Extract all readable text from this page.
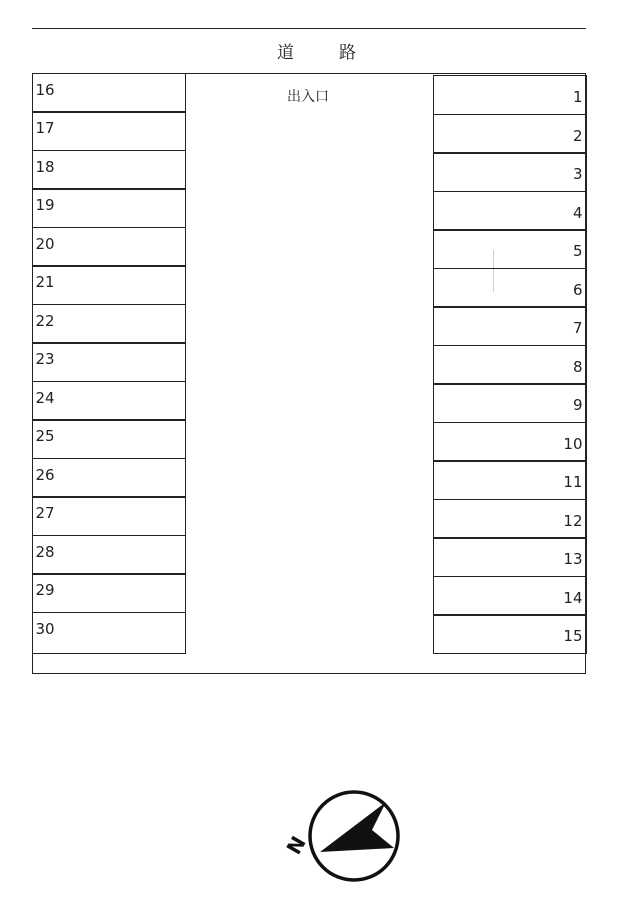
道　路
16
17
18
19
20
21
22
23
24
25
26
27
28
29
30
出入口	1
2
3
4
5
6
7
8
9
10
11
12
13
14
15
N
